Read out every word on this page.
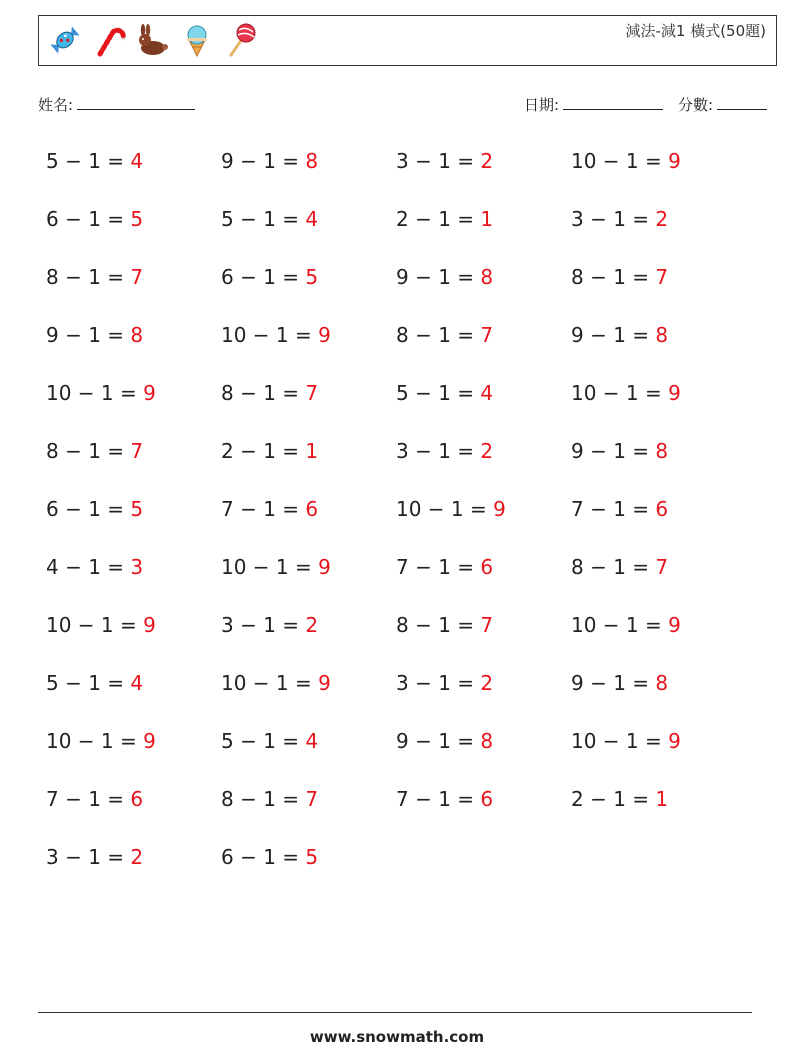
減法-減1 橫式(50題)
姓名:	日期:	分數:
5 − 1 = 4	9 − 1 = 8	3 − 1 = 2	10 − 1 = 9
6 − 1 = 5	5 − 1 = 4	2 − 1 = 1	3 − 1 = 2
8 − 1 = 7	6 − 1 = 5	9 − 1 = 8	8 − 1 = 7
9 − 1 = 8	10 − 1 = 9	8 − 1 = 7	9 − 1 = 8
10 − 1 = 9	8 − 1 = 7	5 − 1 = 4	10 − 1 = 9
8 − 1 = 7	2 − 1 = 1	3 − 1 = 2	9 − 1 = 8
6 − 1 = 5	7 − 1 = 6	10 − 1 = 9	7 − 1 = 6
4 − 1 = 3	10 − 1 = 9	7 − 1 = 6	8 − 1 = 7
10 − 1 = 9	3 − 1 = 2	8 − 1 = 7	10 − 1 = 9
5 − 1 = 4	10 − 1 = 9	3 − 1 = 2	9 − 1 = 8
10 − 1 = 9	5 − 1 = 4	9 − 1 = 8	10 − 1 = 9
7 − 1 = 6	8 − 1 = 7	7 − 1 = 6	2 − 1 = 1
3 − 1 = 2	6 − 1 = 5
www.snowmath.com
